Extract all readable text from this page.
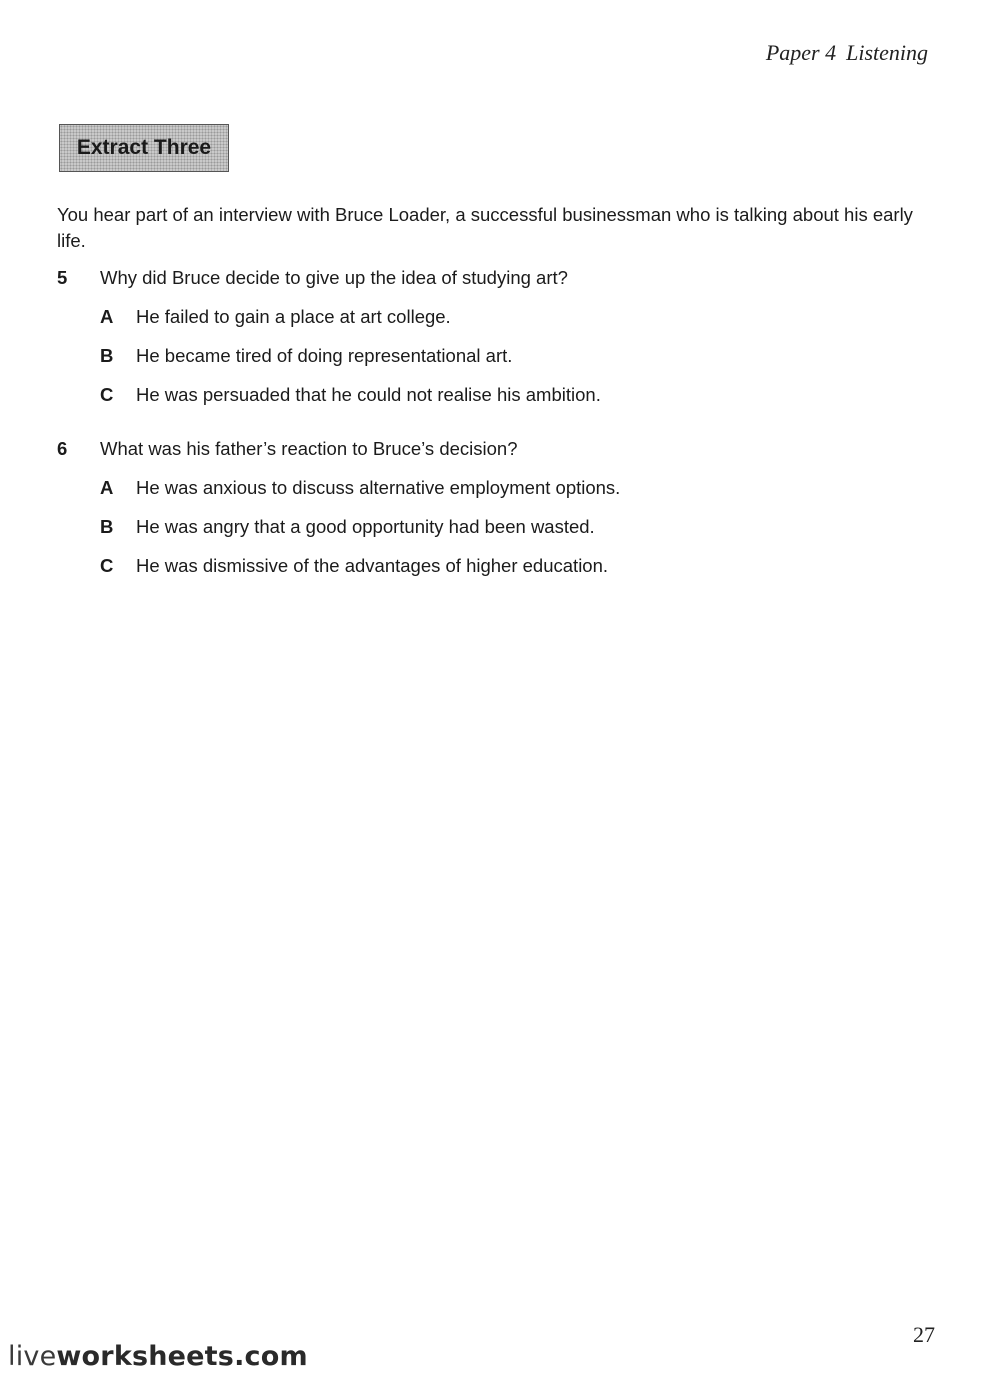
Paper 4 Listening
Extract Three
You hear part of an interview with Bruce Loader, a successful businessman who is talking about his early life.
5	Why did Bruce decide to give up the idea of studying art?
A	He failed to gain a place at art college.
B	He became tired of doing representational art.
C	He was persuaded that he could not realise his ambition.
6	What was his father’s reaction to Bruce’s decision?
A	He was anxious to discuss alternative employment options.
B	He was angry that a good opportunity had been wasted.
C	He was dismissive of the advantages of higher education.
27
liveworksheets.com
